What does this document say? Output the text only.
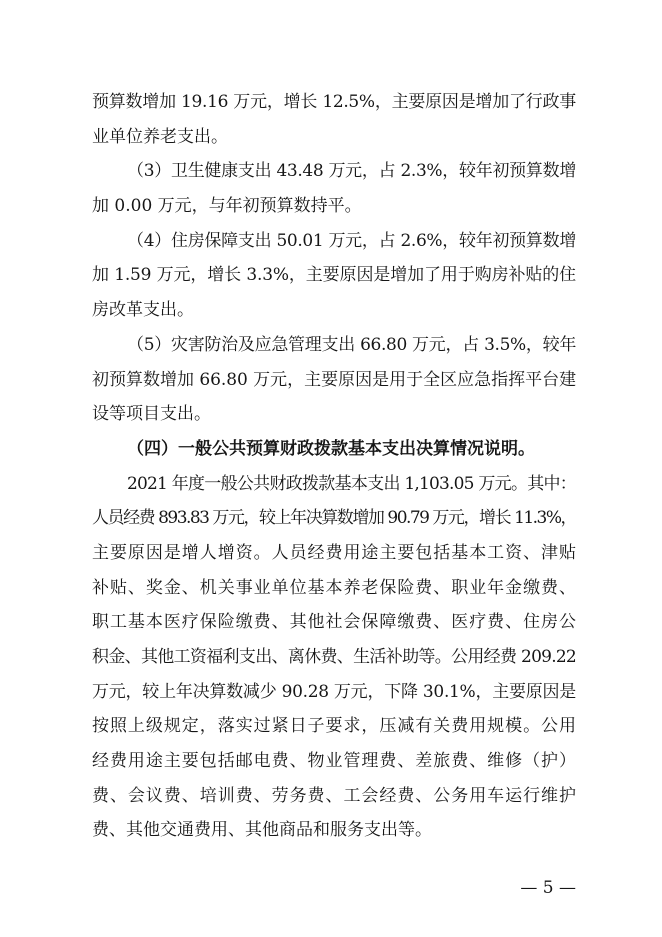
预算数增加 19.16 万元，增长 12.5%，主要原因是增加了行政事
业单位养老支出。
（3）卫生健康支出 43.48 万元，占 2.3%，较年初预算数增
加 0.00 万元，与年初预算数持平。
（4）住房保障支出 50.01 万元，占 2.6%，较年初预算数增
加 1.59 万元，增长 3.3%，主要原因是增加了用于购房补贴的住
房改革支出。
（5）灾害防治及应急管理支出 66.80 万元，占 3.5%，较年
初预算数增加 66.80 万元，主要原因是用于全区应急指挥平台建
设等项目支出。
（四）一般公共预算财政拨款基本支出决算情况说明。
2021 年度一般公共财政拨款基本支出 1,103.05 万元。其中：
人员经费 893.83 万元，较上年决算数增加 90.79 万元，增长 11.3%，
主要原因是增人增资。人员经费用途主要包括基本工资、津贴
补贴、奖金、机关事业单位基本养老保险费、职业年金缴费、
职工基本医疗保险缴费、其他社会保障缴费、医疗费、住房公
积金、其他工资福利支出、离休费、生活补助等。公用经费 209.22
万元，较上年决算数减少 90.28 万元，下降 30.1%，主要原因是
按照上级规定，落实过紧日子要求，压减有关费用规模。公用
经费用途主要包括邮电费、物业管理费、差旅费、维修（护）
费、会议费、培训费、劳务费、工会经费、公务用车运行维护
费、其他交通费用、其他商品和服务支出等。
— 5 —
